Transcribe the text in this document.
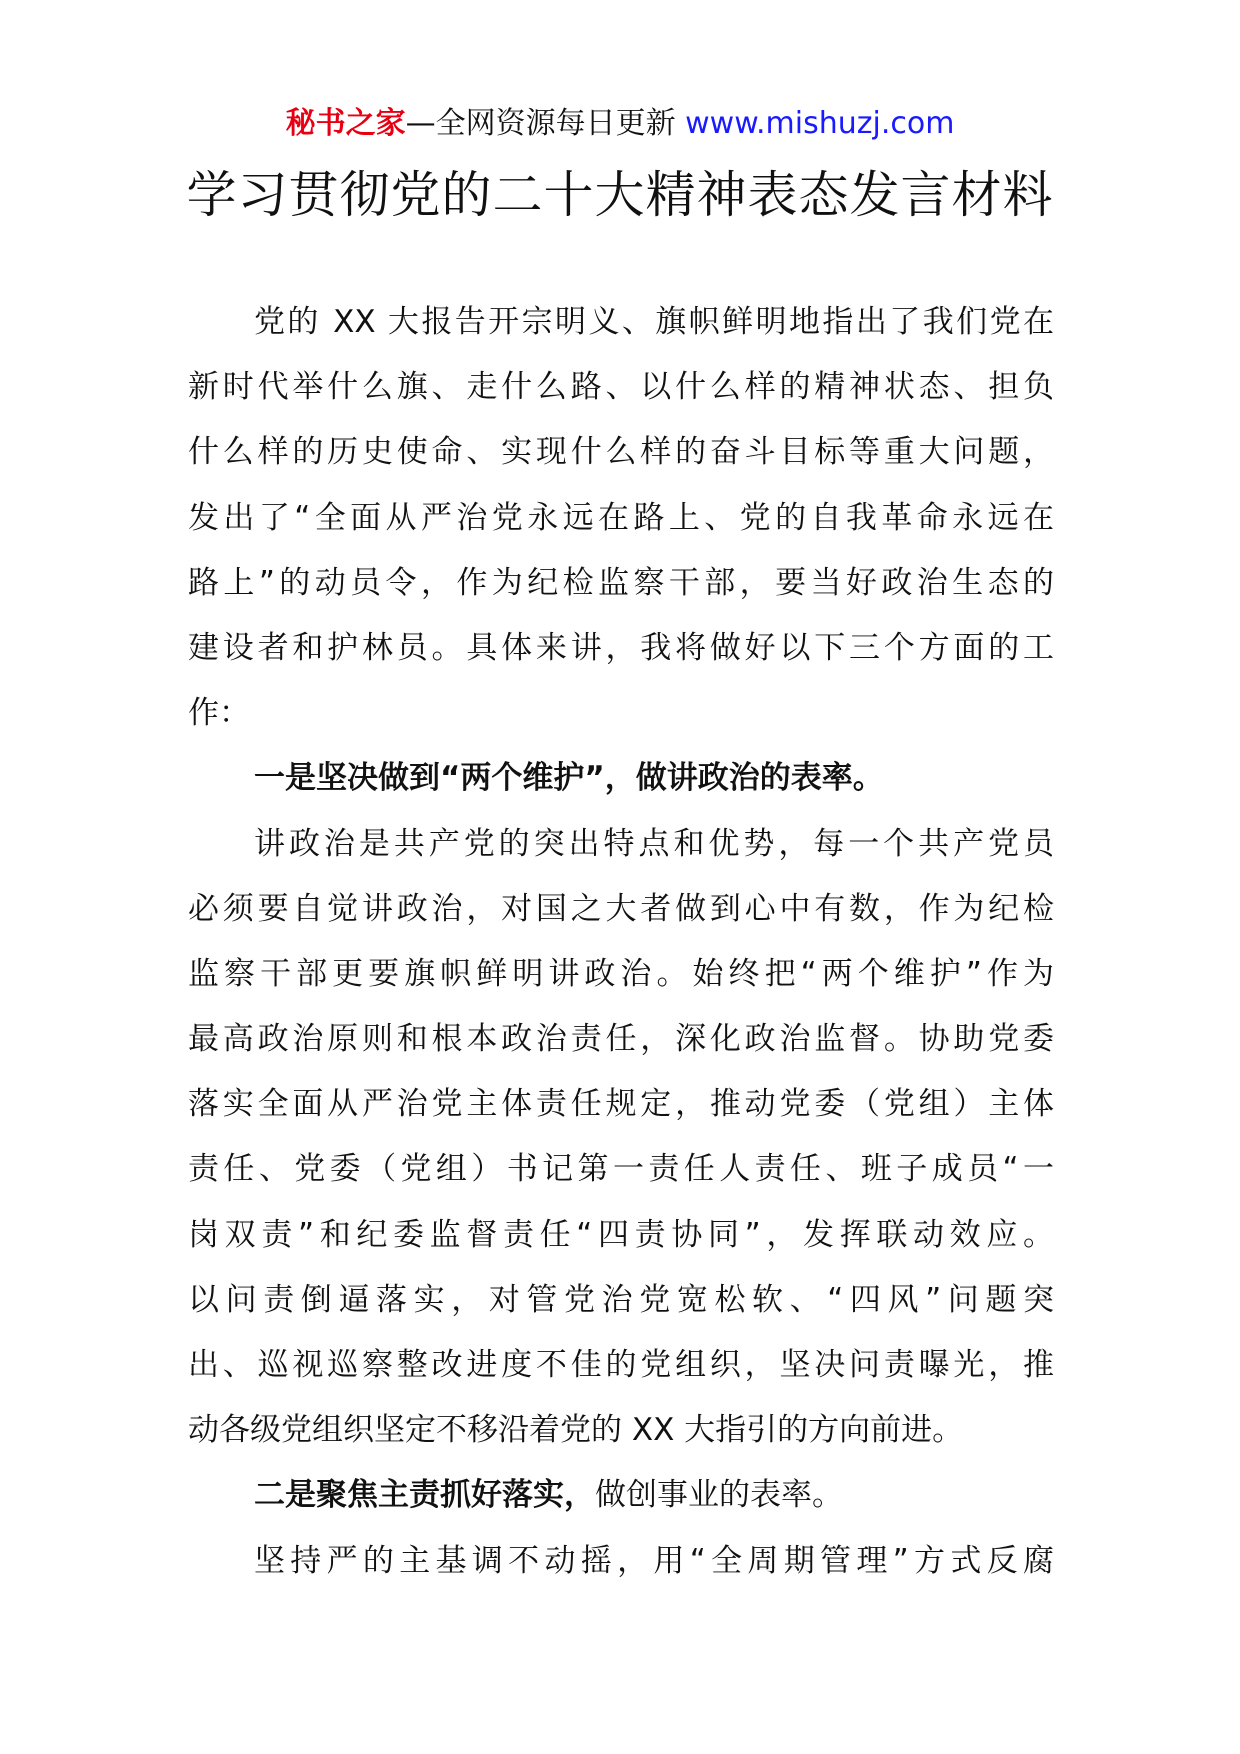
秘书之家—全网资源每日更新 www.mishuzj.com
学习贯彻党的二十大精神表态发言材料
党的 XX 大报告开宗明义、旗帜鲜明地指出了我们党在
新时代举什么旗、走什么路、以什么样的精神状态、担负
什么样的历史使命、实现什么样的奋斗目标等重大问题，
发出了“全面从严治党永远在路上、党的自我革命永远在
路上”的动员令，作为纪检监察干部，要当好政治生态的
建设者和护林员。具体来讲，我将做好以下三个方面的工
作：
一是坚决做到“两个维护”，做讲政治的表率。
讲政治是共产党的突出特点和优势，每一个共产党员
必须要自觉讲政治，对国之大者做到心中有数，作为纪检
监察干部更要旗帜鲜明讲政治。始终把“两个维护”作为
最高政治原则和根本政治责任，深化政治监督。协助党委
落实全面从严治党主体责任规定，推动党委（党组）主体
责任、党委（党组）书记第一责任人责任、班子成员“一
岗双责”和纪委监督责任“四责协同”，发挥联动效应。
以问责倒逼落实，对管党治党宽松软、“四风”问题突
出、巡视巡察整改进度不佳的党组织，坚决问责曝光，推
动各级党组织坚定不移沿着党的 XX 大指引的方向前进。
二是聚焦主责抓好落实，做创事业的表率。
坚持严的主基调不动摇，用“全周期管理”方式反腐
